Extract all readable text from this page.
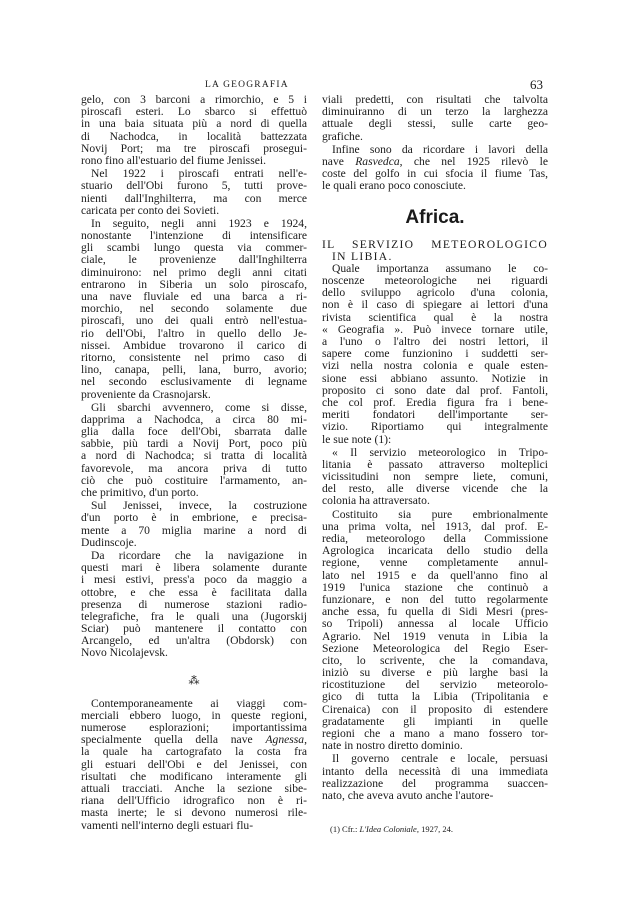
LA GEOGRAFIA	63
gelo, con 3 barconi a rimorchio, e 5 i
piroscafi esteri. Lo sbarco si effettuò
in una baia situata più a nord di quella
di Nachodca, in località battezzata
Novij Port; ma tre piroscafi prosegui-
rono fino all'estuario del fiume Jenissei.
Nel 1922 i piroscafi entrati nell'e-
stuario dell'Obi furono 5, tutti prove-
nienti dall'Inghilterra, ma con merce
caricata per conto dei Sovieti.
In seguito, negli anni 1923 e 1924,
nonostante l'intenzione di intensificare
gli scambi lungo questa via commer-
ciale, le provenienze dall'Inghilterra
diminuirono: nel primo degli anni citati
entrarono in Siberia un solo piroscafo,
una nave fluviale ed una barca a ri-
morchio, nel secondo solamente due
piroscafi, uno dei quali entrò nell'estua-
rio dell'Obi, l'altro in quello dello Je-
nissei. Ambidue trovarono il carico di
ritorno, consistente nel primo caso di
lino, canapa, pelli, lana, burro, avorio;
nel secondo esclusivamente di legname
proveniente da Crasnojarsk.
Gli sbarchi avvennero, come si disse,
dapprima a Nachodca, a circa 80 mi-
glia dalla foce dell'Obi, sbarrata dalle
sabbie, più tardi a Novij Port, poco più
a nord di Nachodca; si tratta di località
favorevole, ma ancora priva di tutto
ciò che può costituire l'armamento, an-
che primitivo, d'un porto.
Sul Jenissei, invece, la costruzione
d'un porto è in embrione, e precisa-
mente a 70 miglia marine a nord di
Dudinscoje.
Da ricordare che la navigazione in
questi mari è libera solamente durante
i mesi estivi, press'a poco da maggio a
ottobre, e che essa è facilitata dalla
presenza di numerose stazioni radio-
telegrafiche, fra le quali una (Jugorskij
Sciar) può mantenere il contatto con
Arcangelo, ed un'altra (Obdorsk) con
Novo Nicolajevsk.
⁂
Contemporaneamente ai viaggi com-
merciali ebbero luogo, in queste regioni,
numerose esplorazioni; importantissima
specialmente quella della nave Agnessa,
la quale ha cartografato la costa fra
gli estuari dell'Obi e del Jenissei, con
risultati che modificano interamente gli
attuali tracciati. Anche la sezione sibe-
riana dell'Ufficio idrografico non è ri-
masta inerte; le si devono numerosi rile-
vamenti nell'interno degli estuari flu-
viali predetti, con risultati che talvolta
diminuiranno di un terzo la larghezza
attuale degli stessi, sulle carte geo-
grafiche.
Infine sono da ricordare i lavori della
nave Rasvedca, che nel 1925 rilevò le
coste del golfo in cui sfocia il fiume Tas,
le quali erano poco conosciute.
Africa.
IL SERVIZIO METEOROLOGICO
IN LIBIA.
Quale importanza assumano le co-
noscenze meteorologiche nei riguardi
dello sviluppo agricolo d'una colonia,
non è il caso di spiegare ai lettori d'una
rivista scientifica qual è la nostra
« Geografia ». Può invece tornare utile,
a l'uno o l'altro dei nostri lettori, il
sapere come funzionino i suddetti ser-
vizi nella nostra colonia e quale esten-
sione essi abbiano assunto. Notizie in
proposito ci sono date dal prof. Fantoli,
che col prof. Eredia figura fra i bene-
meriti fondatori dell'importante ser-
vizio. Riportiamo qui integralmente
le sue note (1):
« Il servizio meteorologico in Tripo-
litania è passato attraverso molteplici
vicissitudini non sempre liete, comuni,
del resto, alle diverse vicende che la
colonia ha attraversato.
Costituito sia pure embrionalmente
una prima volta, nel 1913, dal prof. E-
redia, meteorologo della Commissione
Agrologica incaricata dello studio della
regione, venne completamente annul-
lato nel 1915 e da quell'anno fino al
1919 l'unica stazione che continuò a
funzionare, e non del tutto regolarmente
anche essa, fu quella di Sidi Mesri (pres-
so Tripoli) annessa al locale Ufficio
Agrario. Nel 1919 venuta in Libia la
Sezione Meteorologica del Regio Eser-
cito, lo scrivente, che la comandava,
iniziò su diverse e più larghe basi la
ricostituzione del servizio meteorolo-
gico di tutta la Libia (Tripolitania e
Cirenaica) con il proposito di estendere
gradatamente gli impianti in quelle
regioni che a mano a mano fossero tor-
nate in nostro diretto dominio.
Il governo centrale e locale, persuasi
intanto della necessità di una immediata
realizzazione del programma suaccen-
nato, che aveva avuto anche l'autore-
(1) Cfr.: L'Idea Coloniale, 1927, 24.
